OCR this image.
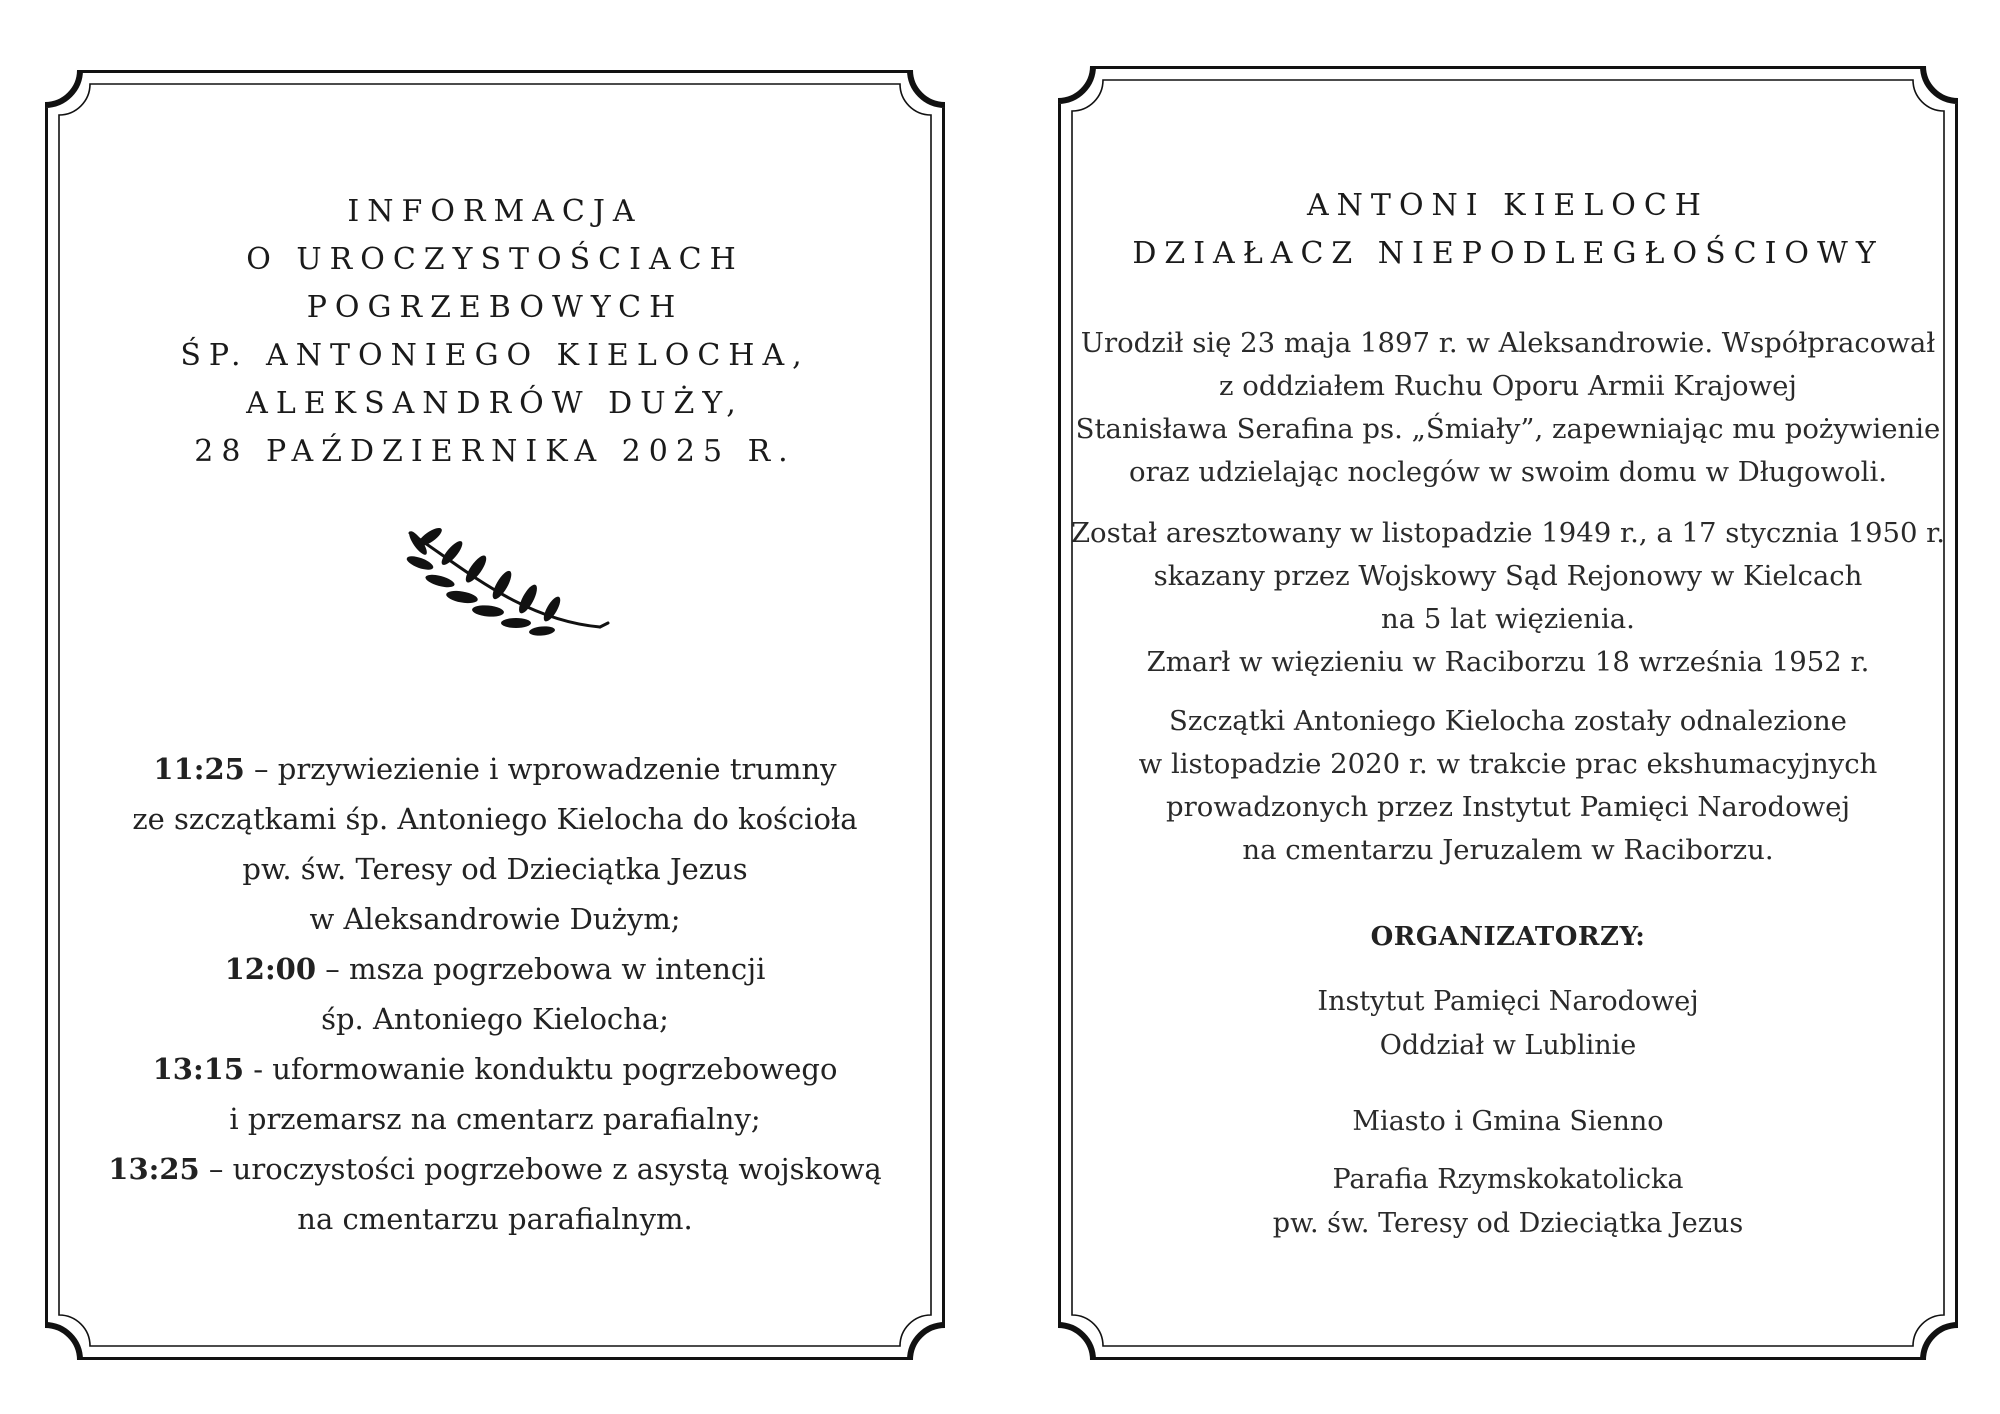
INFORMACJA
O UROCZYSTOŚCIACH
POGRZEBOWYCH
ŚP. ANTONIEGO KIELOCHA,
ALEKSANDRÓW DUŻY,
28 PAŹDZIERNIKA 2025 R.
11:25 – przywiezienie i wprowadzenie trumny
ze szczątkami śp. Antoniego Kielocha do kościoła
pw. św. Teresy od Dzieciątka Jezus
w Aleksandrowie Dużym;
12:00 – msza pogrzebowa w intencji
śp. Antoniego Kielocha;
13:15 - uformowanie konduktu pogrzebowego
i przemarsz na cmentarz parafialny;
13:25 – uroczystości pogrzebowe z asystą wojskową
na cmentarzu parafialnym.
ANTONI KIELOCH
DZIAŁACZ NIEPODLEGŁOŚCIOWY
Urodził się 23 maja 1897 r. w Aleksandrowie. Współpracował
z oddziałem Ruchu Oporu Armii Krajowej
Stanisława Serafina ps. „Śmiały”, zapewniając mu pożywienie
oraz udzielając noclegów w swoim domu w Długowoli.
Został aresztowany w listopadzie 1949 r., a 17 stycznia 1950 r.
skazany przez Wojskowy Sąd Rejonowy w Kielcach
na 5 lat więzienia.
Zmarł w więzieniu w Raciborzu 18 września 1952 r.
Szczątki Antoniego Kielocha zostały odnalezione
w listopadzie 2020 r. w trakcie prac ekshumacyjnych
prowadzonych przez Instytut Pamięci Narodowej
na cmentarzu Jeruzalem w Raciborzu.
ORGANIZATORZY:
Instytut Pamięci Narodowej
Oddział w Lublinie
Miasto i Gmina Sienno
Parafia Rzymskokatolicka
pw. św. Teresy od Dzieciątka Jezus
